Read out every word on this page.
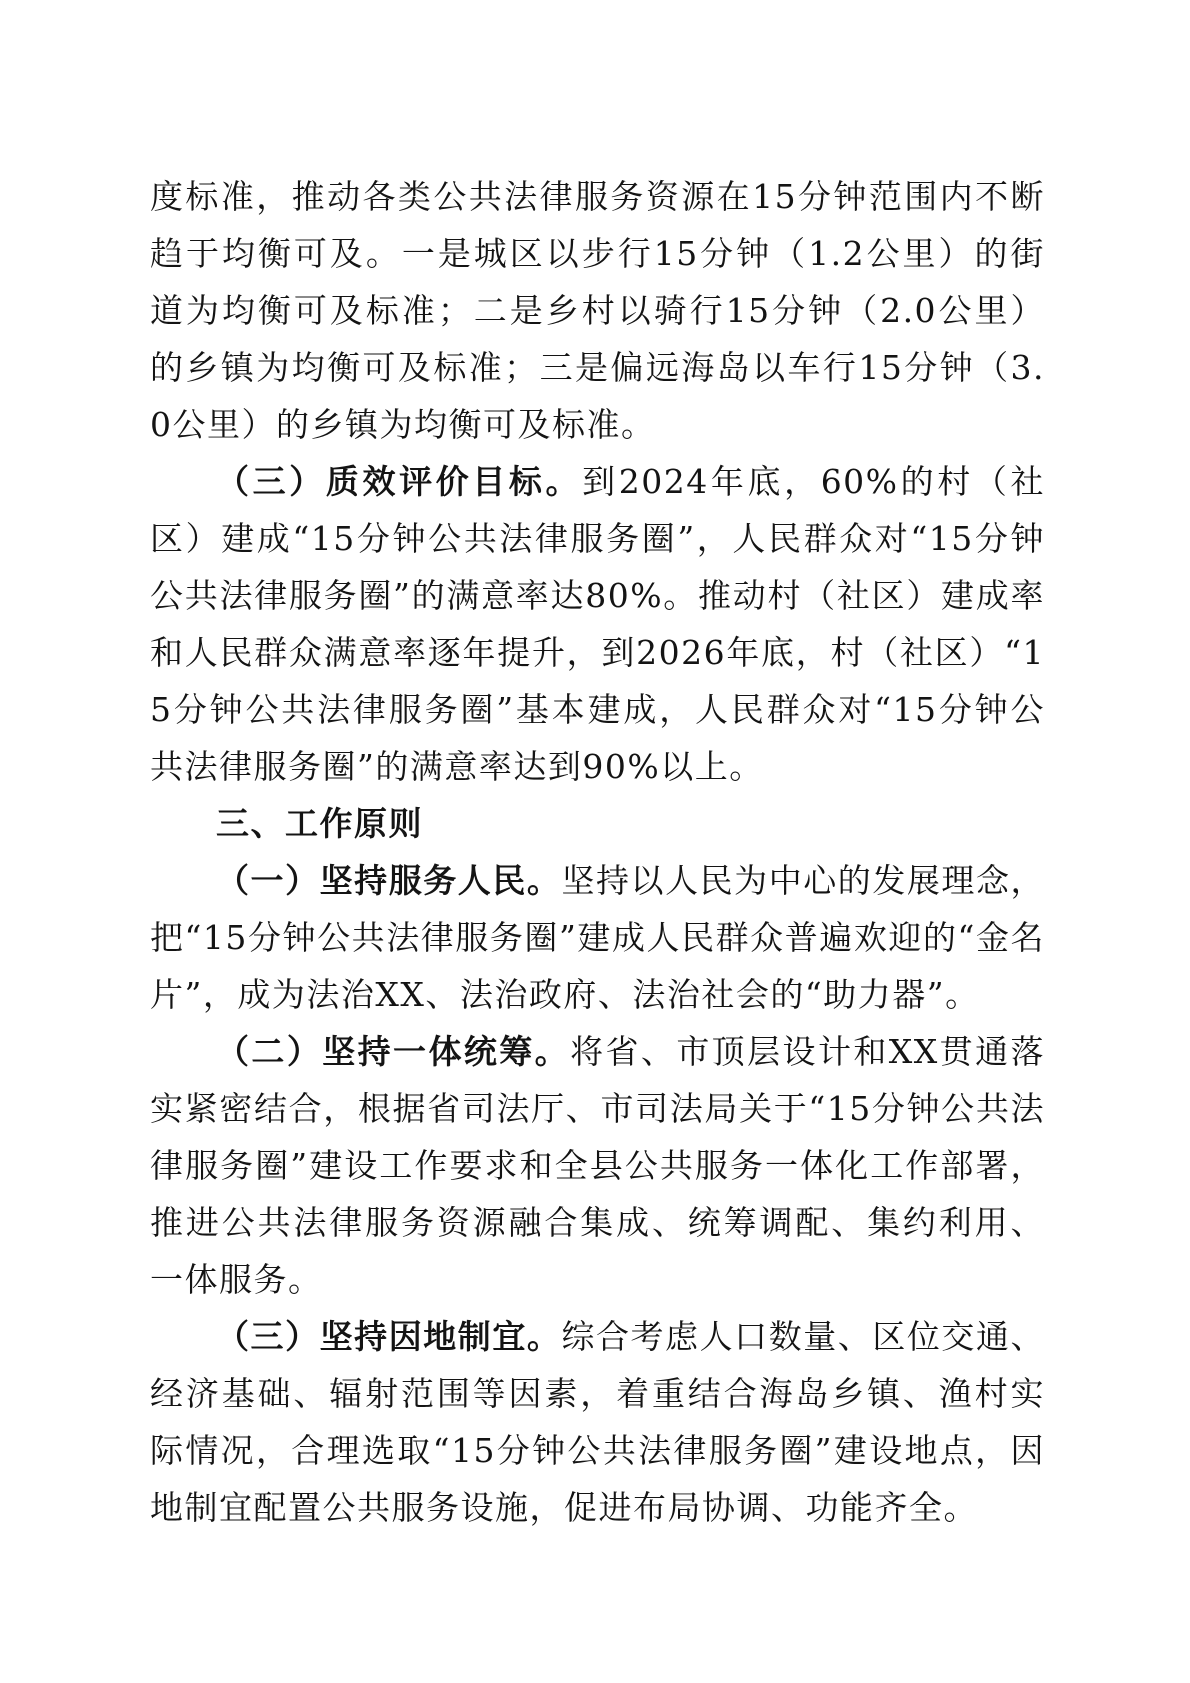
度标准，推动各类公共法律服务资源在15分钟范围内不断趋于均衡可及。一是城区以步行15分钟（1.2公里）的街道为均衡可及标准；二是乡村以骑行15分钟（2.0公里）的乡镇为均衡可及标准；三是偏远海岛以车行15分钟（3.0公里）的乡镇为均衡可及标准。

（三）质效评价目标。到2024年底，60%的村（社区）建成“15分钟公共法律服务圈”，人民群众对“15分钟公共法律服务圈”的满意率达80%。推动村（社区）建成率和人民群众满意率逐年提升，到2026年底，村（社区）“15分钟公共法律服务圈”基本建成，人民群众对“15分钟公共法律服务圈”的满意率达到90%以上。

三、工作原则

（一）坚持服务人民。坚持以人民为中心的发展理念，把“15分钟公共法律服务圈”建成人民群众普遍欢迎的“金名片”，成为法治XX、法治政府、法治社会的“助力器”。

（二）坚持一体统筹。将省、市顶层设计和XX贯通落实紧密结合，根据省司法厅、市司法局关于“15分钟公共法律服务圈”建设工作要求和全县公共服务一体化工作部署，推进公共法律服务资源融合集成、统筹调配、集约利用、一体服务。

（三）坚持因地制宜。综合考虑人口数量、区位交通、经济基础、辐射范围等因素，着重结合海岛乡镇、渔村实际情况，合理选取“15分钟公共法律服务圈”建设地点，因地制宜配置公共服务设施，促进布局协调、功能齐全。
